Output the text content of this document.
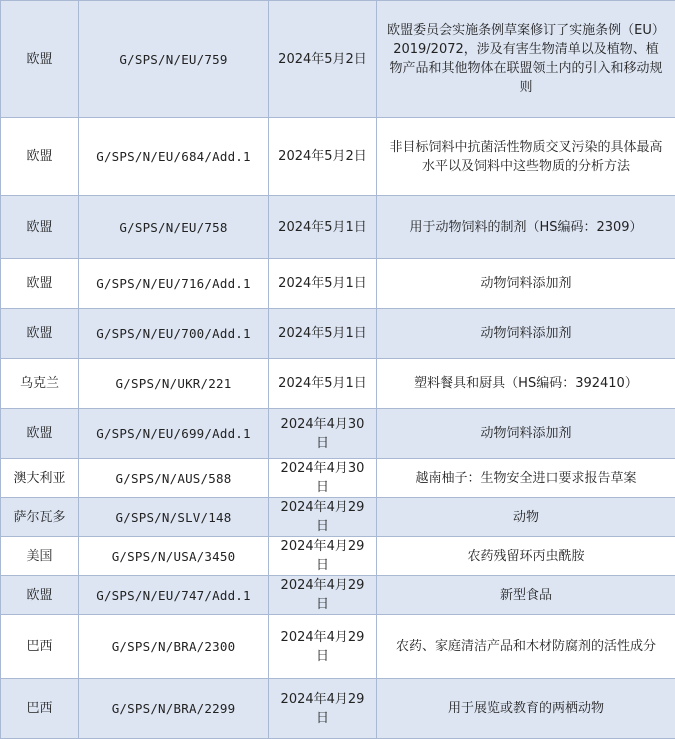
欧盟	G/SPS/N/EU/759	2024年5月2日	欧盟委员会实施条例草案修订了实施条例（EU）2019/2072，涉及有害生物清单以及植物、植物产品和其他物体在联盟领土内的引入和移动规则
欧盟	G/SPS/N/EU/684/Add.1	2024年5月2日	非目标饲料中抗菌活性物质交叉污染的具体最高水平以及饲料中这些物质的分析方法
欧盟	G/SPS/N/EU/758	2024年5月1日	用于动物饲料的制剂（HS编码：2309）
欧盟	G/SPS/N/EU/716/Add.1	2024年5月1日	动物饲料添加剂
欧盟	G/SPS/N/EU/700/Add.1	2024年5月1日	动物饲料添加剂
乌克兰	G/SPS/N/UKR/221	2024年5月1日	塑料餐具和厨具（HS编码：392410）
欧盟	G/SPS/N/EU/699/Add.1	2024年4月30日	动物饲料添加剂
澳大利亚	G/SPS/N/AUS/588	2024年4月30日	越南柚子：生物安全进口要求报告草案
萨尔瓦多	G/SPS/N/SLV/148	2024年4月29日	动物
美国	G/SPS/N/USA/3450	2024年4月29日	农药残留环丙虫酰胺
欧盟	G/SPS/N/EU/747/Add.1	2024年4月29日	新型食品
巴西	G/SPS/N/BRA/2300	2024年4月29日	农药、家庭清洁产品和木材防腐剂的活性成分
巴西	G/SPS/N/BRA/2299	2024年4月29日	用于展览或教育的两栖动物
